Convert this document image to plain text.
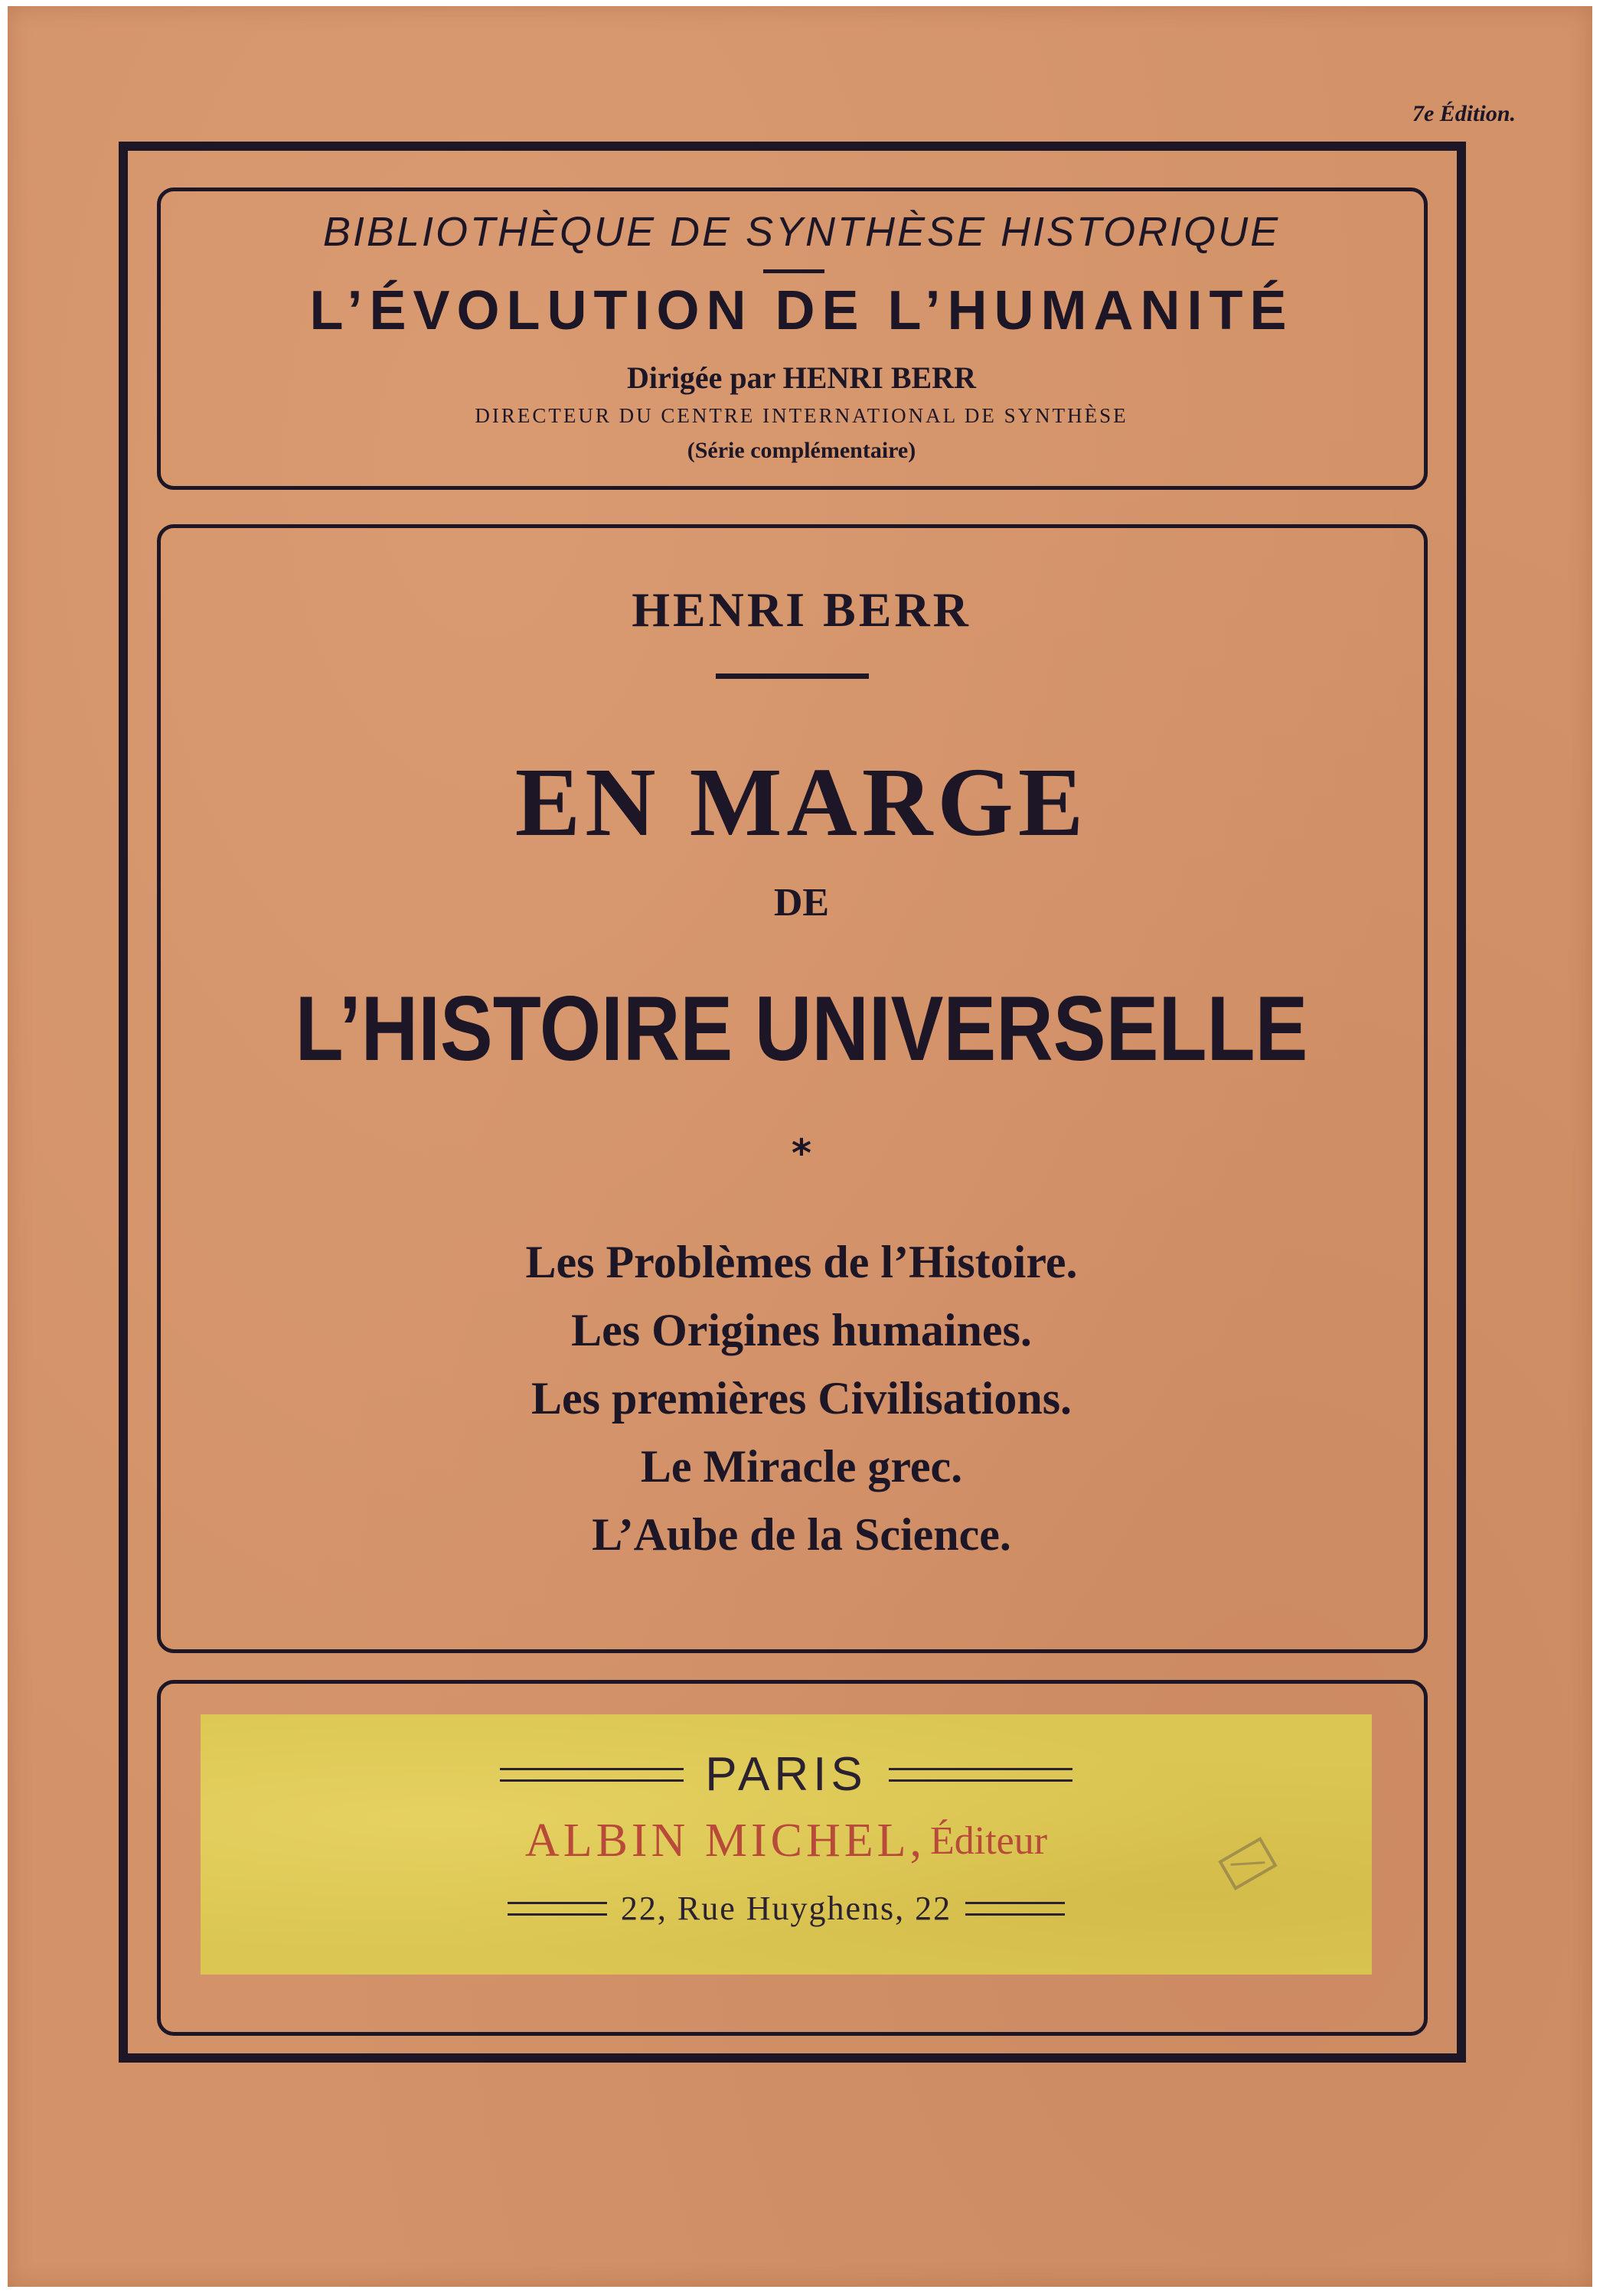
7e Édition.
BIBLIOTHÈQUE DE SYNTHÈSE HISTORIQUE
L’ÉVOLUTION DE L’HUMANITÉ
Dirigée par HENRI BERR
DIRECTEUR DU CENTRE INTERNATIONAL DE SYNTHÈSE
(Série complémentaire)
HENRI BERR
EN MARGE
DE
L’HISTOIRE UNIVERSELLE
*
Les Problèmes de l’Histoire.
Les Origines humaines.
Les premières Civilisations.
Le Miracle grec.
L’Aube de la Science.
PARIS
ALBIN MICHEL, Éditeur
22, Rue Huyghens, 22
